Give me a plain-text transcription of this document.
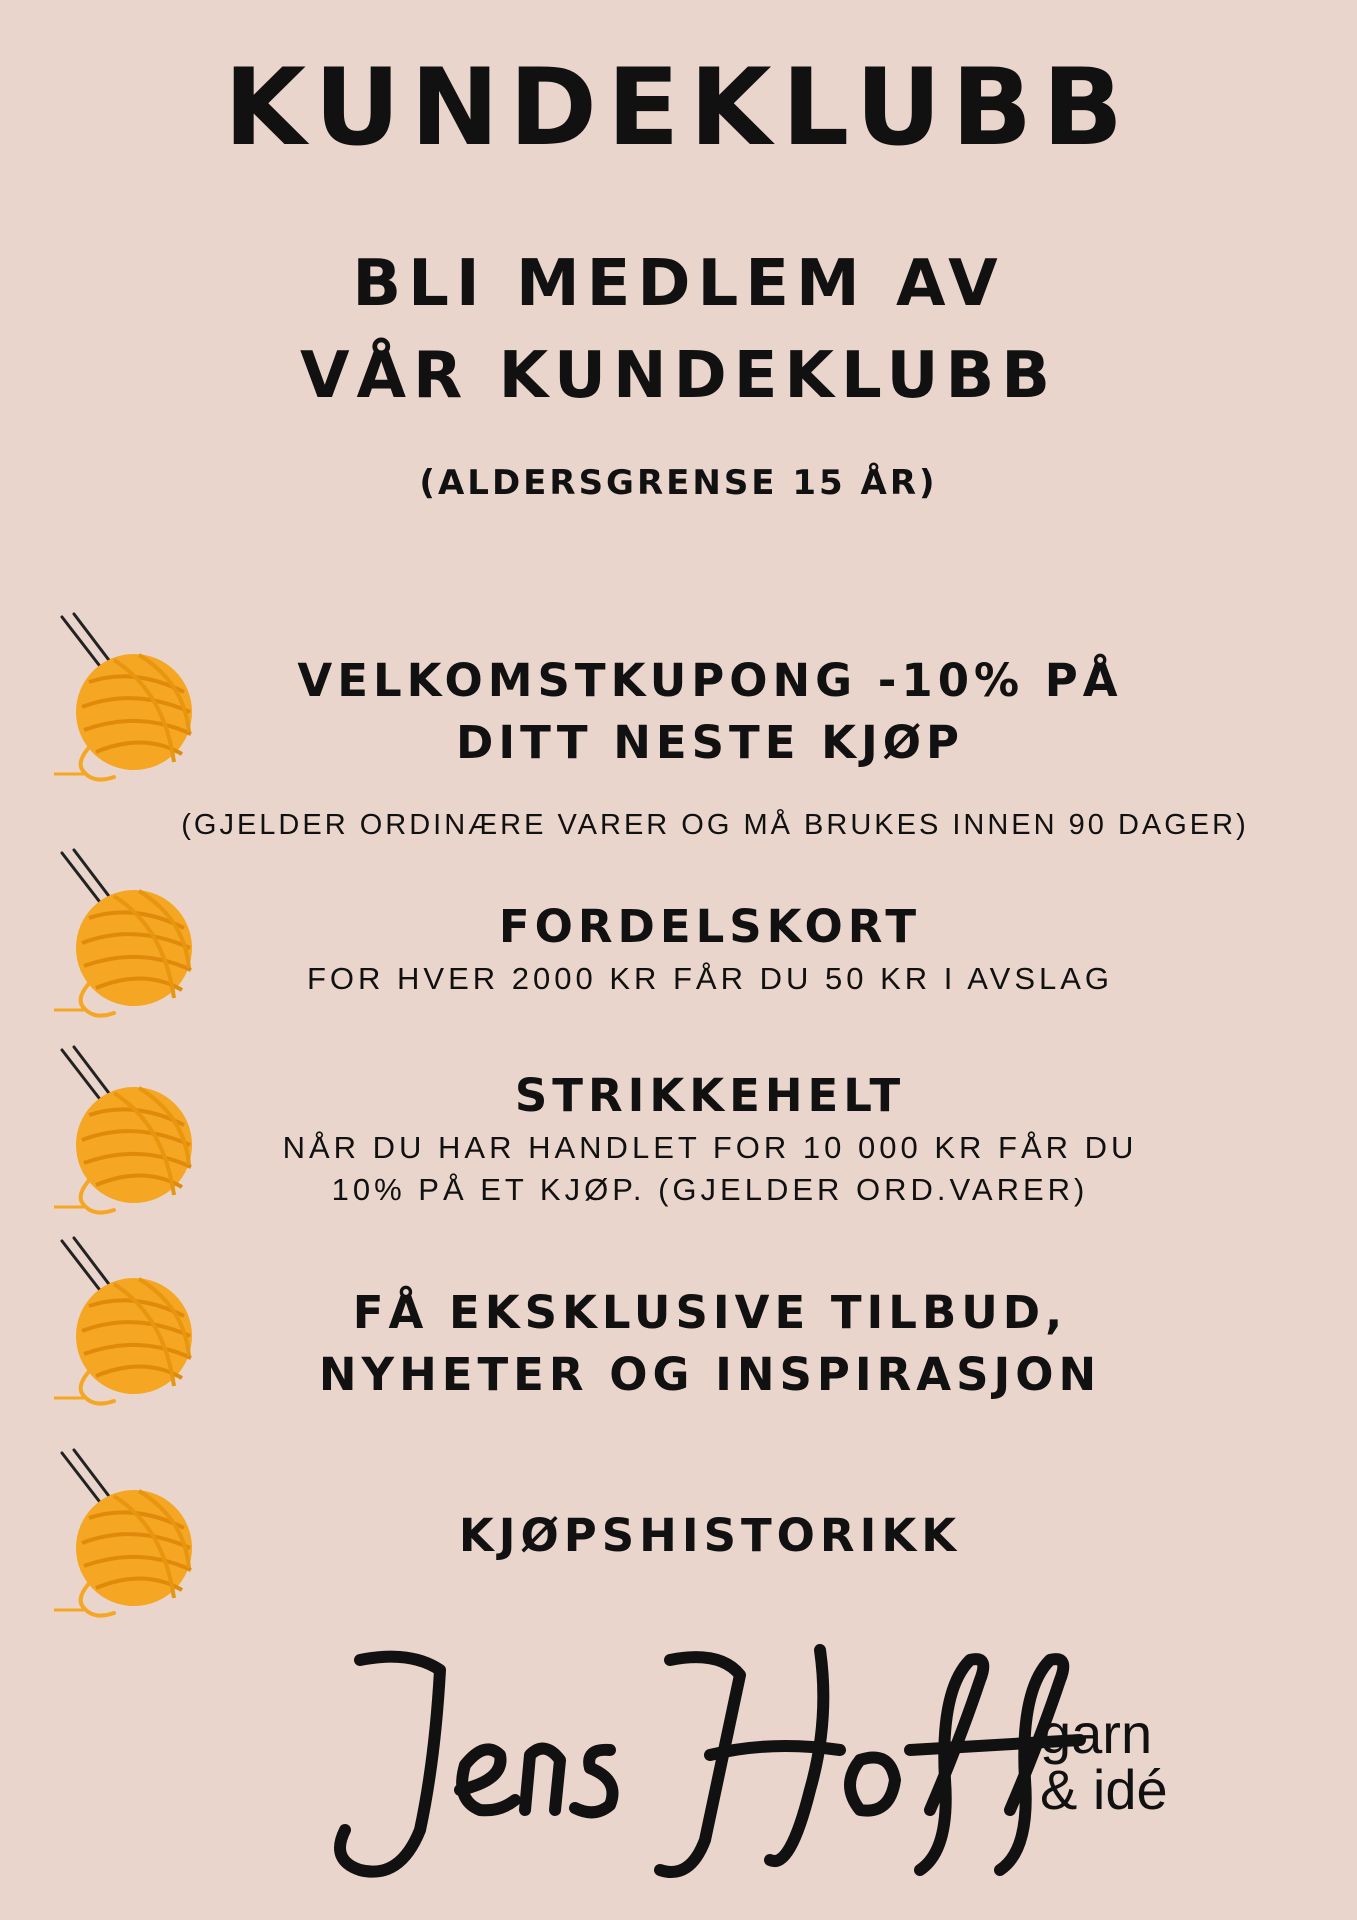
KUNDEKLUBB
BLI MEDLEM AV
VÅR KUNDEKLUBB
(ALDERSGRENSE 15 ÅR)
VELKOMSTKUPONG -10% PÅ
DITT NESTE KJØP
(GJELDER ORDINÆRE VARER OG MÅ BRUKES INNEN 90 DAGER)
FORDELSKORT
FOR HVER 2000 KR FÅR DU 50 KR I AVSLAG
STRIKKEHELT
NÅR DU HAR HANDLET FOR 10 000 KR FÅR DU
10% PÅ ET KJØP. (GJELDER ORD.VARER)
FÅ EKSKLUSIVE TILBUD,
NYHETER OG INSPIRASJON
KJØPSHISTORIKK
garn
& idé
